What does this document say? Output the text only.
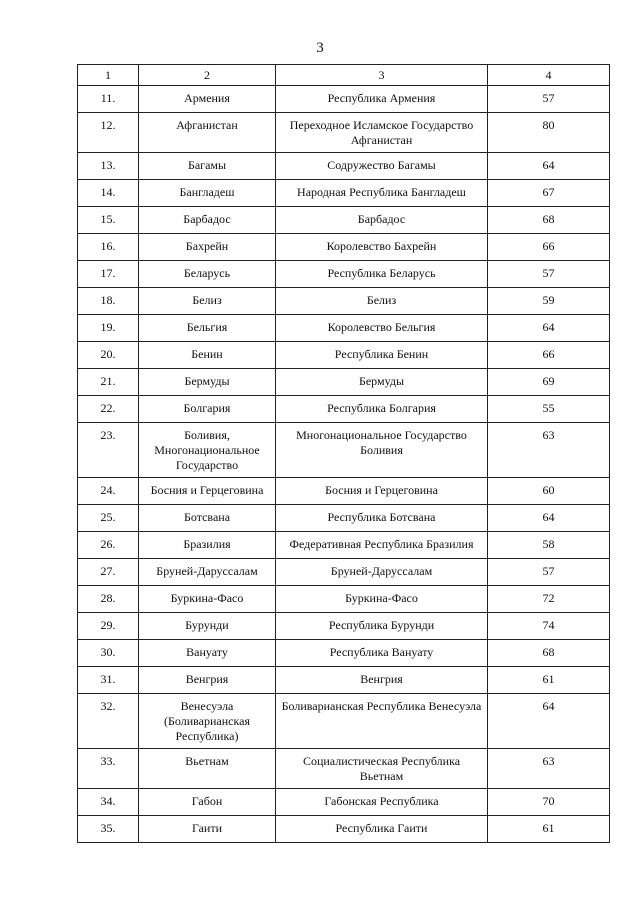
3
1	2	3	4
11.	Армения	Республика Армения	57
12.	Афганистан	Переходное Исламское Государство Афганистан	80
13.	Багамы	Содружество Багамы	64
14.	Бангладеш	Народная Республика Бангладеш	67
15.	Барбадос	Барбадос	68
16.	Бахрейн	Королевство Бахрейн	66
17.	Беларусь	Республика Беларусь	57
18.	Белиз	Белиз	59
19.	Бельгия	Королевство Бельгия	64
20.	Бенин	Республика Бенин	66
21.	Бермуды	Бермуды	69
22.	Болгария	Республика Болгария	55
23.	Боливия, Многонациональное Государство	Многонациональное Государство Боливия	63
24.	Босния и Герцеговина	Босния и Герцеговина	60
25.	Ботсвана	Республика Ботсвана	64
26.	Бразилия	Федеративная Республика Бразилия	58
27.	Бруней-Даруссалам	Бруней-Даруссалам	57
28.	Буркина-Фасо	Буркина-Фасо	72
29.	Бурунди	Республика Бурунди	74
30.	Вануату	Республика Вануату	68
31.	Венгрия	Венгрия	61
32.	Венесуэла (Боливарианская Республика)	Боливарианская Республика Венесуэла	64
33.	Вьетнам	Социалистическая Республика Вьетнам	63
34.	Габон	Габонская Республика	70
35.	Гаити	Республика Гаити	61
